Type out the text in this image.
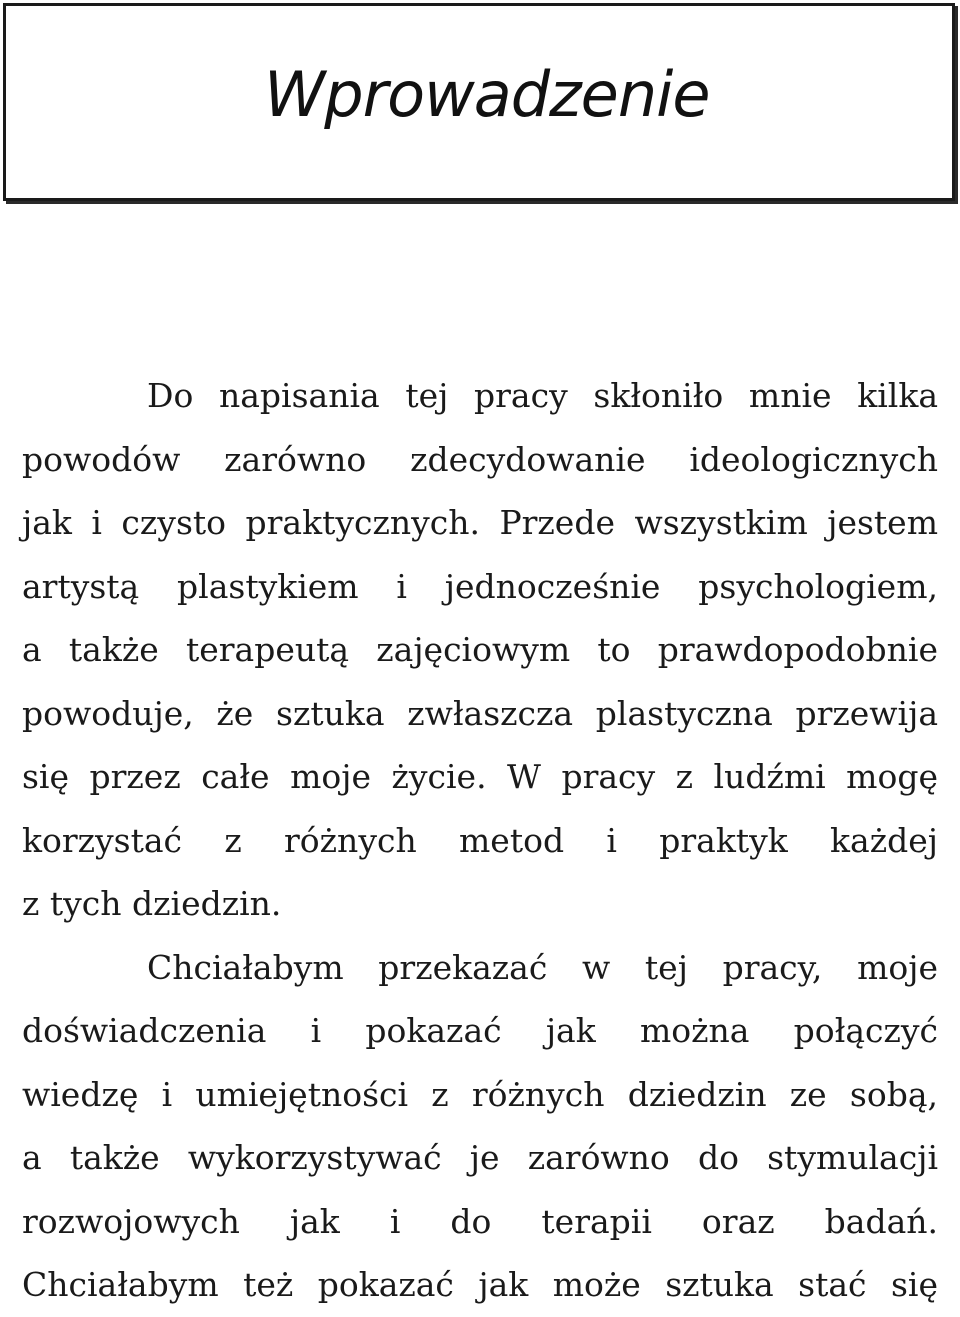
Wprowadzenie
Do napisania tej pracy skłoniło mnie kilka
powodów zarówno zdecydowanie ideologicznych
jak i czysto praktycznych. Przede wszystkim jestem
artystą plastykiem i jednocześnie psychologiem,
a także terapeutą zajęciowym to prawdopodobnie
powoduje, że sztuka zwłaszcza plastyczna przewija
się przez całe moje życie. W pracy z ludźmi mogę
korzystać z różnych metod i praktyk każdej
z tych dziedzin.
Chciałabym przekazać w tej pracy, moje
doświadczenia i pokazać jak można połączyć
wiedzę i umiejętności z różnych dziedzin ze sobą,
a także wykorzystywać je zarówno do stymulacji
rozwojowych jak i do terapii oraz badań.
Chciałabym też pokazać jak może sztuka stać się
